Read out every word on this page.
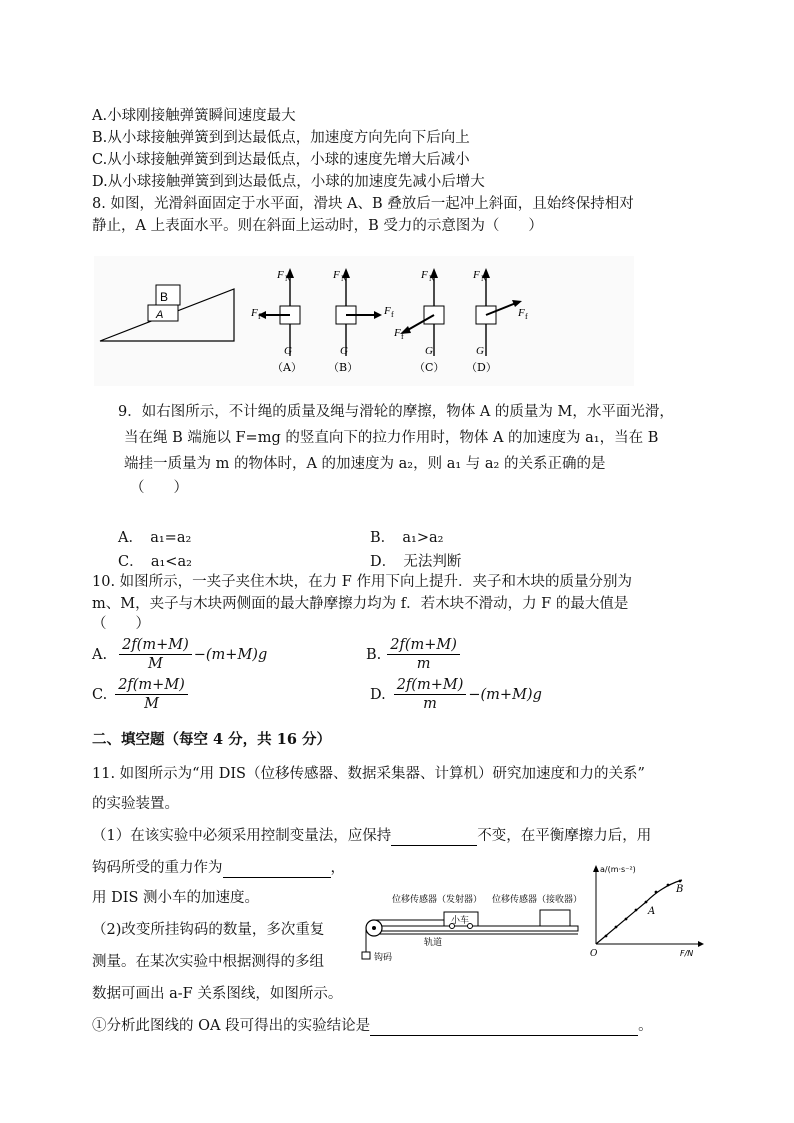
A.小球刚接触弹簧瞬间速度最大
B.从小球接触弹簧到到达最低点，加速度方向先向下后向上
C.从小球接触弹簧到到达最低点，小球的速度先增大后减小
D.从小球接触弹簧到到达最低点，小球的加速度先减小后增大
8. 如图，光滑斜面固定于水平面，滑块 A、B 叠放后一起冲上斜面，且始终保持相对
静止，A 上表面水平。则在斜面上运动时，B 受力的示意图为（　　）
B
A
F N
F f
G
（A）
F N
F f
G
（B）
F N
F f
G
（C）
F N
F f
G
（D）
9．如右图所示，不计绳的质量及绳与滑轮的摩擦，物体 A 的质量为 M，水平面光滑，
当在绳 B 端施以 F=mg 的竖直向下的拉力作用时，物体 A 的加速度为 a₁，当在 B
端挂一质量为 m 的物体时，A 的加速度为 a₂，则 a₁ 与 a₂ 的关系正确的是
（　　）
A．　a₁=a₂	B．　a₁>a₂
C．　a₁<a₂	D．　无法判断
10. 如图所示，一夹子夹住木块，在力 F 作用下向上提升．夹子和木块的质量分别为
m、M，夹子与木块两侧面的最大静摩擦力均为 f．若木块不滑动，力 F 的最大值是
（　　）
A. $\frac{2f(m+M)}{M} -(m+M)g$	B. $\frac{2f(m+M)}{m}$
C. $\frac{2f(m+M)}{M}$	D. $\frac{2f(m+M)}{m} -(m+M)g$
二、填空题（每空 4 分，共 16 分）
11. 如图所示为“用 DIS（位移传感器、数据采集器、计算机）研究加速度和力的关系”
的实验装置。
（1）在该实验中必须采用控制变量法，应保持	不变，在平衡摩擦力后，用
钩码所受的重力作为	，
用 DIS 测小车的加速度。
（2)改变所挂钩码的数量，多次重复
测量。在某次实验中根据测得的多组
数据可画出 a-F 关系图线，如图所示。
①分析此图线的 OA 段可得出的实验结论是	。
位移传感器（发射器） 位移传感器（接收器）
钩码
小车
轨道
a/(m·s⁻²)
F/N
O
A
B
